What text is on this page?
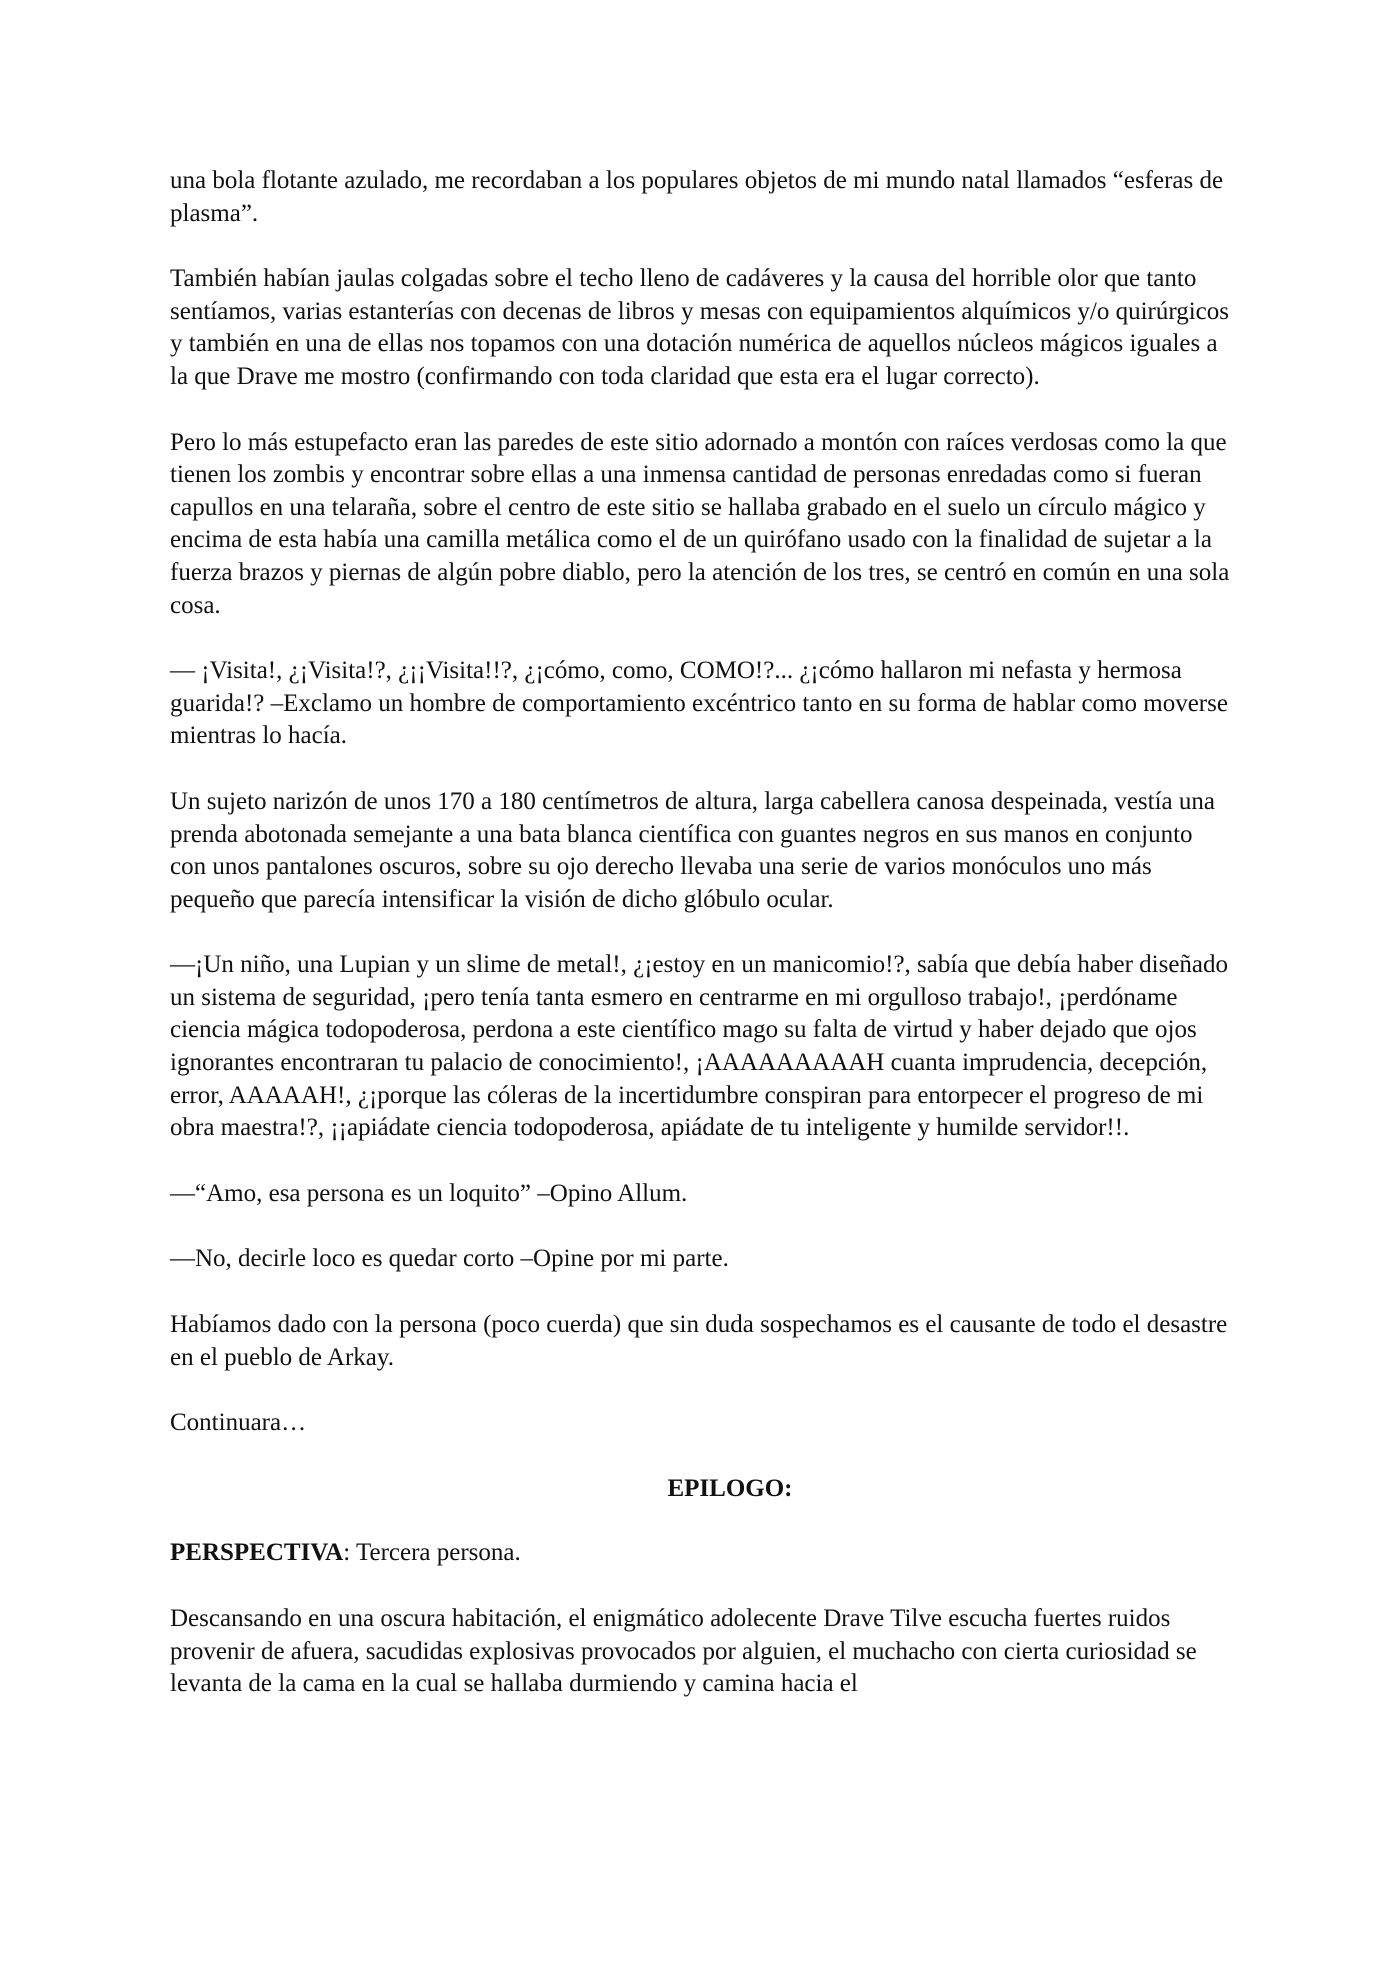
una bola flotante azulado, me recordaban a los populares objetos de mi mundo natal llamados “esferas de plasma”.

También habían jaulas colgadas sobre el techo lleno de cadáveres y la causa del horrible olor que tanto sentíamos, varias estanterías con decenas de libros y mesas con equipamientos alquímicos y/o quirúrgicos y también en una de ellas nos topamos con una dotación numérica de aquellos núcleos mágicos iguales a la que Drave me mostro (confirmando con toda claridad que esta era el lugar correcto).

Pero lo más estupefacto eran las paredes de este sitio adornado a montón con raíces verdosas como la que tienen los zombis y encontrar sobre ellas a una inmensa cantidad de personas enredadas como si fueran capullos en una telaraña, sobre el centro de este sitio se hallaba grabado en el suelo un círculo mágico y encima de esta había una camilla metálica como el de un quirófano usado con la finalidad de sujetar a la fuerza brazos y piernas de algún pobre diablo, pero la atención de los tres, se centró en común en una sola cosa.

— ¡Visita!, ¿¡Visita!?, ¿¡¡Visita!!?, ¿¡cómo, como, COMO!?... ¿¡cómo hallaron mi nefasta y hermosa guarida!? –Exclamo un hombre de comportamiento excéntrico tanto en su forma de hablar como moverse mientras lo hacía.

Un sujeto narizón de unos 170 a 180 centímetros de altura, larga cabellera canosa despeinada, vestía una prenda abotonada semejante a una bata blanca científica con guantes negros en sus manos en conjunto con unos pantalones oscuros, sobre su ojo derecho llevaba una serie de varios monóculos uno más pequeño que parecía intensificar la visión de dicho glóbulo ocular.

—¡Un niño, una Lupian y un slime de metal!, ¿¡estoy en un manicomio!?, sabía que debía haber diseñado un sistema de seguridad, ¡pero tenía tanta esmero en centrarme en mi orgulloso trabajo!, ¡perdóname ciencia mágica todopoderosa, perdona a este científico mago su falta de virtud y haber dejado que ojos ignorantes encontraran tu palacio de conocimiento!, ¡AAAAAAAAAH cuanta imprudencia, decepción, error, AAAAAH!, ¿¡porque las cóleras de la incertidumbre conspiran para entorpecer el progreso de mi obra maestra!?, ¡¡apiádate ciencia todopoderosa, apiádate de tu inteligente y humilde servidor!!.

—“Amo, esa persona es un loquito” –Opino Allum.

—No, decirle loco es quedar corto –Opine por mi parte.

Habíamos dado con la persona (poco cuerda) que sin duda sospechamos es el causante de todo el desastre en el pueblo de Arkay.

Continuara…

EPILOGO:

PERSPECTIVA: Tercera persona.

Descansando en una oscura habitación, el enigmático adolecente Drave Tilve escucha fuertes ruidos provenir de afuera, sacudidas explosivas provocados por alguien, el muchacho con cierta curiosidad se levanta de la cama en la cual se hallaba durmiendo y camina hacia el
